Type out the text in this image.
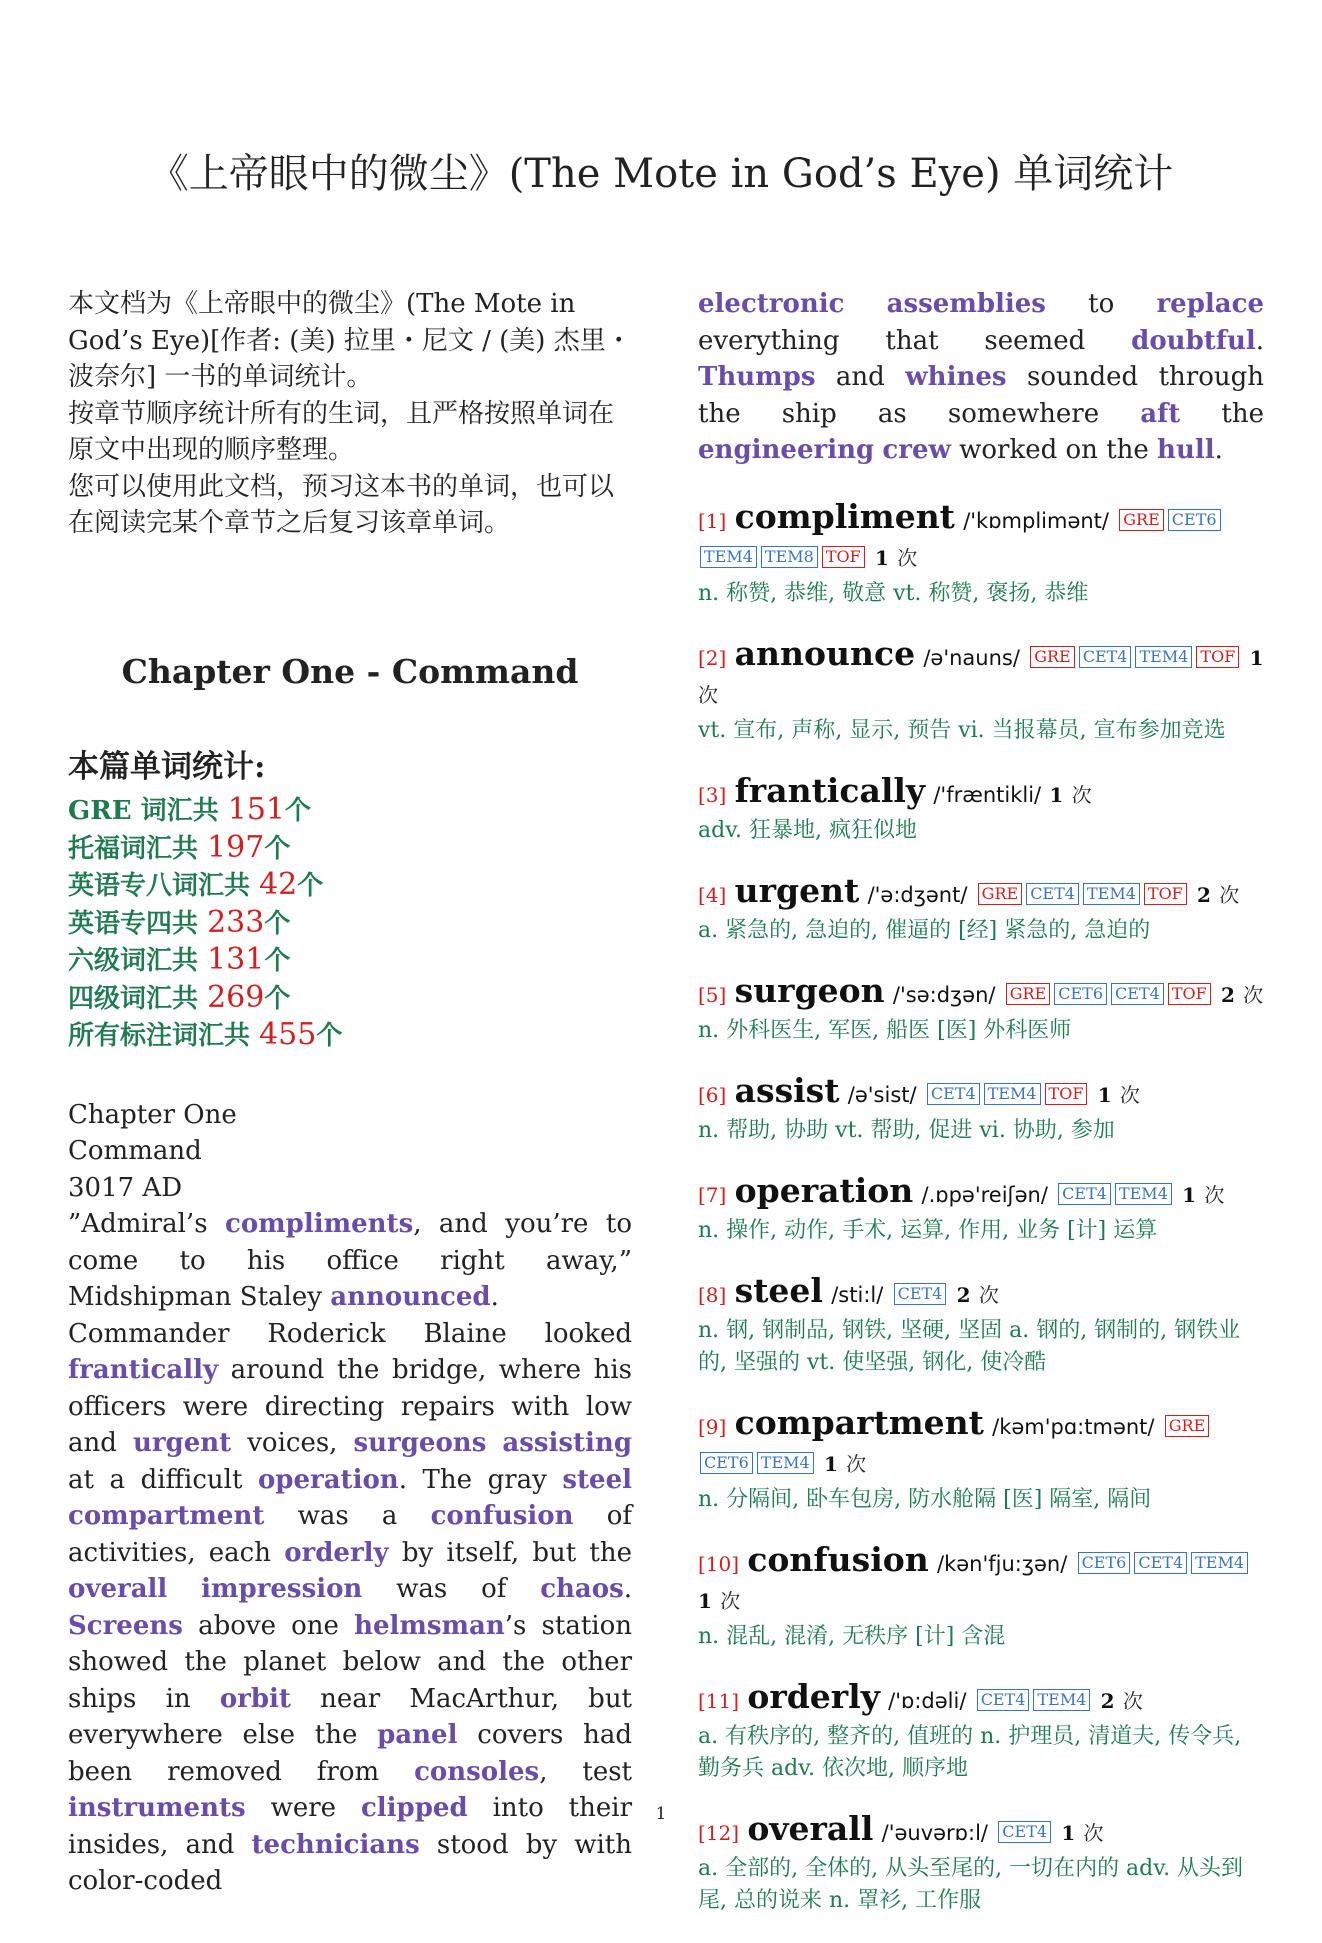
《上帝眼中的微尘》(The Mote in God’s Eye) 单词统计

本文档为《上帝眼中的微尘》(The Mote in God’s Eye)[作者: (美) 拉里・尼文 / (美) 杰里・波奈尔] 一书的单词统计。

按章节顺序统计所有的生词，且严格按照单词在原文中出现的顺序整理。

您可以使用此文档，预习这本书的单词，也可以在阅读完某个章节之后复习该章单词。

Chapter One - Command
本篇单词统计:
GRE 词汇共 151个
托福词汇共 197个
英语专八词汇共 42个
英语专四共 233个
六级词汇共 131个
四级词汇共 269个
所有标注词汇共 455个

Chapter One

Command

3017 AD

”Admiral’s compliments, and you’re to come to his office right away,” Midshipman Staley announced.

Commander Roderick Blaine looked frantically around the bridge, where his officers were directing repairs with low and urgent voices, surgeons assisting at a difficult operation. The gray steel compartment was a confusion of activities, each orderly by itself, but the overall impression was of chaos. Screens above one helmsman’s station showed the planet below and the other ships in orbit near MacArthur, but everywhere else the panel covers had been removed from consoles, test instruments were clipped into their insides, and technicians stood by with color-coded

electronic assemblies to replace everything that seemed doubtful. Thumps and whines sounded through the ship as somewhere aft the engineering crew worked on the hull.

[1] compliment /'kɒmplimənt/ GRE CET6TEM4 TEM8 TOF 1 次
n. 称赞, 恭维, 敬意 vt. 称赞, 褒扬, 恭维
[2] announce /ə'nauns/ GRE CET4 TEM4 TOF 1 次
vt. 宣布, 声称, 显示, 预告 vi. 当报幕员, 宣布参加竞选
[3] frantically /'fræntikli/ 1 次
adv. 狂暴地, 疯狂似地
[4] urgent /'ə:dʒənt/ GRE CET4 TEM4 TOF 2 次
a. 紧急的, 急迫的, 催逼的 [经] 紧急的, 急迫的
[5] surgeon /'sə:dʒən/ GRE CET6 CET4 TOF 2 次
n. 外科医生, 军医, 船医 [医] 外科医师
[6] assist /ə'sist/ CET4 TEM4 TOF 1 次
n. 帮助, 协助 vt. 帮助, 促进 vi. 协助, 参加
[7] operation /.ɒpə'reiʃən/ CET4 TEM4 1 次
n. 操作, 动作, 手术, 运算, 作用, 业务 [计] 运算
[8] steel /sti:l/ CET4 2 次
n. 钢, 钢制品, 钢铁, 坚硬, 坚固 a. 钢的, 钢制的, 钢铁业的, 坚强的 vt. 使坚强, 钢化, 使冷酷
[9] compartment /kəm'pɑ:tmənt/ GRECET6 TEM4 1 次
n. 分隔间, 卧车包房, 防水舱隔 [医] 隔室, 隔间
[10] confusion /kən'fju:ʒən/ CET6 CET4 TEM4 1 次
n. 混乱, 混淆, 无秩序 [计] 含混
[11] orderly /'ɒ:dəli/ CET4 TEM4 2 次
a. 有秩序的, 整齐的, 值班的 n. 护理员, 清道夫, 传令兵, 勤务兵 adv. 依次地, 顺序地
[12] overall /'əuvərɒ:l/ CET4 1 次
a. 全部的, 全体的, 从头至尾的, 一切在内的 adv. 从头到尾, 总的说来 n. 罩衫, 工作服
1
